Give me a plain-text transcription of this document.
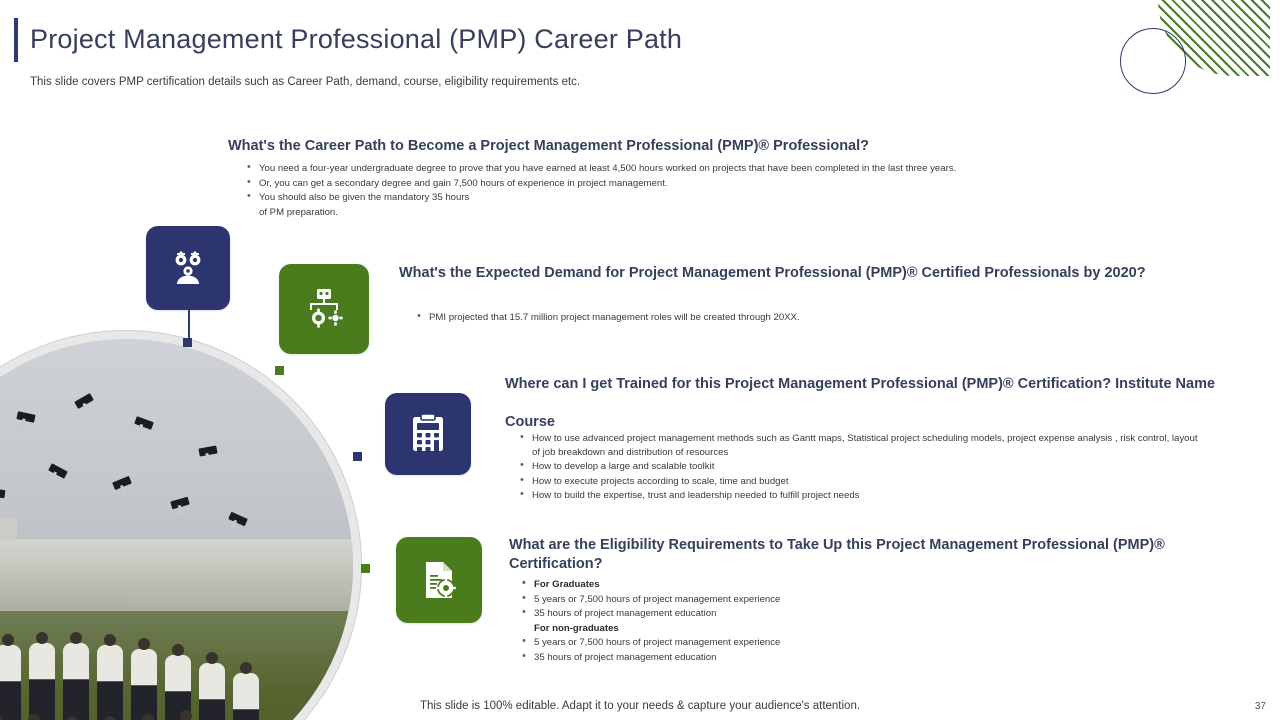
Project Management Professional (PMP) Career Path
This slide covers PMP certification details such as Career Path, demand, course, eligibility requirements etc.
What's the Career Path to Become a Project Management Professional (PMP)® Professional?
• You need a four-year undergraduate degree to prove that you have earned at least 4,500 hours worked on projects that have been completed in the last three years.
• Or, you can get a secondary degree and gain 7,500 hours of experience in project management.
• You should also be given the mandatory 35 hours
of PM preparation.
What's the Expected Demand for Project Management Professional (PMP)® Certified Professionals by 2020?
• PMI projected that 15.7 million project management roles will be created through 20XX.
Where can I get Trained for this Project Management Professional (PMP)® Certification? Institute Name
Course
• How to use advanced project management methods such as Gantt maps, Statistical project scheduling models, project expense analysis , risk control, layout of job breakdown and distribution of resources
• How to develop a large and scalable toolkit
• How to execute projects according to scale, time and budget
• How to build the expertise, trust and leadership needed to fulfill project needs
What are the Eligibility Requirements to Take Up this Project Management Professional (PMP)® Certification?
• For Graduates
• 5 years or 7,500 hours of project management experience
• 35 hours of project management education
For non-graduates
• 5 years or 7,500 hours of project management experience
• 35 hours of project management education
This slide is 100% editable. Adapt it to your needs & capture your audience's attention.	37
